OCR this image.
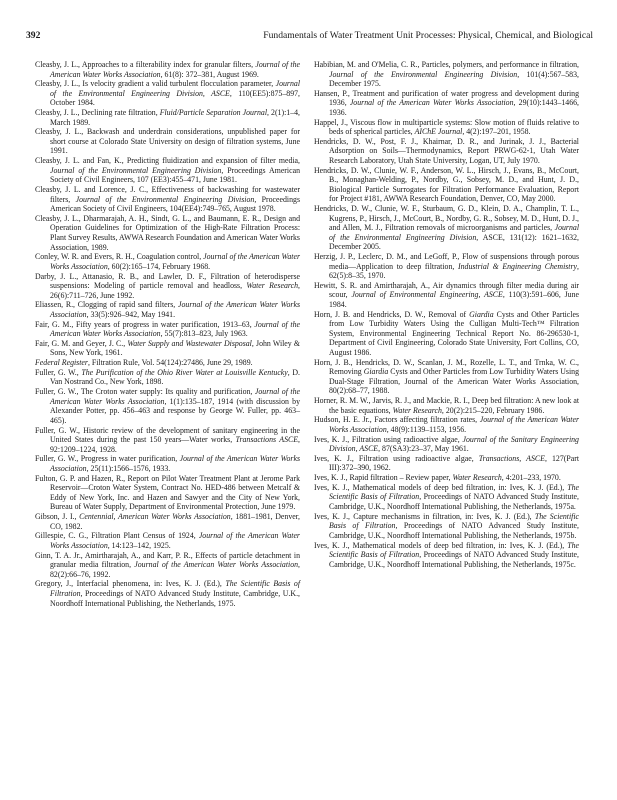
392	Fundamentals of Water Treatment Unit Processes: Physical, Chemical, and Biological

Cleasby, J. L., Approaches to a filterability index for granular filters, Journal of the American Water Works Association, 61(8): 372–381, August 1969.

Cleasby, J. L., Is velocity gradient a valid turbulent flocculation parameter, Journal of the Environmental Engineering Division, ASCE, 110(EE5):875–897, October 1984.

Cleasby, J. L., Declining rate filtration, Fluid/Particle Separation Journal, 2(1):1–4, March 1989.

Cleasby, J. L., Backwash and underdrain considerations, unpublished paper for short course at Colorado State University on design of filtration systems, June 1991.

Cleasby, J. L. and Fan, K., Predicting fluidization and expansion of filter media, Journal of the Environmental Engineering Division, Proceedings American Society of Civil Engineers, 107 (EE3):455–471, June 1981.

Cleasby, J. L. and Lorence, J. C., Effectiveness of backwashing for wastewater filters, Journal of the Environmental Engineering Division, Proceedings American Society of Civil Engineers, 104(EE4):749–765, August 1978.

Cleasby, J. L., Dharmarajah, A. H., Sindt, G. L., and Baumann, E. R., Design and Operation Guidelines for Optimization of the High-Rate Filtration Process: Plant Survey Results, AWWA Research Foundation and American Water Works Association, 1989.

Conley, W. R. and Evers, R. H., Coagulation control, Journal of the American Water Works Association, 60(2):165–174, February 1968.

Darby, J. L., Attanasio, R. B., and Lawler, D. F., Filtration of heterodisperse suspensions: Modeling of particle removal and headloss, Water Research, 26(6):711–726, June 1992.

Eliassen, R., Clogging of rapid sand filters, Journal of the American Water Works Association, 33(5):926–942, May 1941.

Fair, G. M., Fifty years of progress in water purification, 1913–63, Journal of the American Water Works Association, 55(7):813–823, July 1963.

Fair, G. M. and Geyer, J. C., Water Supply and Wastewater Disposal, John Wiley & Sons, New York, 1961.

Federal Register, Filtration Rule, Vol. 54(124):27486, June 29, 1989.

Fuller, G. W., The Purification of the Ohio River Water at Louisville Kentucky, D. Van Nostrand Co., New York, 1898.

Fuller, G. W., The Croton water supply: Its quality and purification, Journal of the American Water Works Association, 1(1):135–187, 1914 (with discussion by Alexander Potter, pp. 456–463 and response by George W. Fuller, pp. 463–465).

Fuller, G. W., Historic review of the development of sanitary engineering in the United States during the past 150 years—Water works, Transactions ASCE, 92:1209–1224, 1928.

Fuller, G. W., Progress in water purification, Journal of the American Water Works Association, 25(11):1566–1576, 1933.

Fulton, G. P. and Hazen, R., Report on Pilot Water Treatment Plant at Jerome Park Reservoir—Croton Water System, Contract No. HED-486 between Metcalf & Eddy of New York, Inc. and Hazen and Sawyer and the City of New York, Bureau of Water Supply, Department of Environmental Protection, June 1979.

Gibson, J. I., Centennial, American Water Works Association, 1881–1981, Denver, CO, 1982.

Gillespie, C. G., Filtration Plant Census of 1924, Journal of the American Water Works Association, 14:123–142, 1925.

Ginn, T. A. Jr., Amirtharajah, A., and Karr, P. R., Effects of particle detachment in granular media filtration, Journal of the American Water Works Association, 82(2):66–76, 1992.

Gregory, J., Interfacial phenomena, in: Ives, K. J. (Ed.), The Scientific Basis of Filtration, Proceedings of NATO Advanced Study Institute, Cambridge, U.K., Noordhoff International Publishing, the Netherlands, 1975.

Habibian, M. and O'Melia, C. R., Particles, polymers, and performance in filtration, Journal of the Environmental Engineering Division, 101(4):567–583, December 1975.

Hansen, P., Treatment and purification of water progress and development during 1936, Journal of the American Water Works Association, 29(10):1443–1466, 1936.

Happel, J., Viscous flow in multiparticle systems: Slow motion of fluids relative to beds of spherical particles, AIChE Journal, 4(2):197–201, 1958.

Hendricks, D. W., Post, F. J., Khairnar, D. R., and Jurinak, J. J., Bacterial Adsorption on Soils—Thermodynamics, Report PRWG-62-1, Utah Water Research Laboratory, Utah State University, Logan, UT, July 1970.

Hendricks, D. W., Clunie, W. F., Anderson, W. L., Hirsch, J., Evans, B., McCourt, B., Monaghan-Welding, P., Nordby, G., Sobsey, M. D., and Hunt, J. D., Biological Particle Surrogates for Filtration Performance Evaluation, Report for Project #181, AWWA Research Foundation, Denver, CO, May 2000.

Hendricks, D. W., Clunie, W. F., Sturbaum, G. D., Klein, D. A., Champlin, T. L., Kugrens, P., Hirsch, J., McCourt, B., Nordby, G. R., Sobsey, M. D., Hunt, D. J., and Allen, M. J., Filtration removals of microorganisms and particles, Journal of the Environmental Engineering Division, ASCE, 131(12): 1621–1632, December 2005.

Herzig, J. P., Leclerc, D. M., and LeGoff, P., Flow of suspensions through porous media—Application to deep filtration, Industrial & Engineering Chemistry, 62(5):8–35, 1970.

Hewitt, S. R. and Amirtharajah, A., Air dynamics through filter media during air scour, Journal of Environmental Engineering, ASCE, 110(3):591–606, June 1984.

Horn, J. B. and Hendricks, D. W., Removal of Giardia Cysts and Other Particles from Low Turbidity Waters Using the Culligan Multi-Tech™ Filtration System, Environmental Engineering Technical Report No. 86-296530-1, Department of Civil Engineering, Colorado State University, Fort Collins, CO, August 1986.

Horn, J. B., Hendricks, D. W., Scanlan, J. M., Rozelle, L. T., and Trnka, W. C., Removing Giardia Cysts and Other Particles from Low Turbidity Waters Using Dual-Stage Filtration, Journal of the American Water Works Association, 80(2):68–77, 1988.

Horner, R. M. W., Jarvis, R. J., and Mackie, R. I., Deep bed filtration: A new look at the basic equations, Water Research, 20(2):215–220, February 1986.

Hudson, H. E. Jr., Factors affecting filtration rates, Journal of the American Water Works Association, 48(9):1139–1153, 1956.

Ives, K. J., Filtration using radioactive algae, Journal of the Sanitary Engineering Division, ASCE, 87(SA3):23–37, May 1961.

Ives, K. J., Filtration using radioactive algae, Transactions, ASCE, 127(Part III):372–390, 1962.

Ives, K. J., Rapid filtration – Review paper, Water Research, 4:201–233, 1970.

Ives, K. J., Mathematical models of deep bed filtration, in: Ives, K. J. (Ed.), The Scientific Basis of Filtration, Proceedings of NATO Advanced Study Institute, Cambridge, U.K., Noordhoff International Publishing, the Netherlands, 1975a.

Ives, K. J., Capture mechanisms in filtration, in: Ives, K. J. (Ed.), The Scientific Basis of Filtration, Proceedings of NATO Advanced Study Institute, Cambridge, U.K., Noordhoff International Publishing, the Netherlands, 1975b.

Ives, K. J., Mathematical models of deep bed filtration, in: Ives, K. J. (Ed.), The Scientific Basis of Filtration, Proceedings of NATO Advanced Study Institute, Cambridge, U.K., Noordhoff International Publishing, the Netherlands, 1975c.
